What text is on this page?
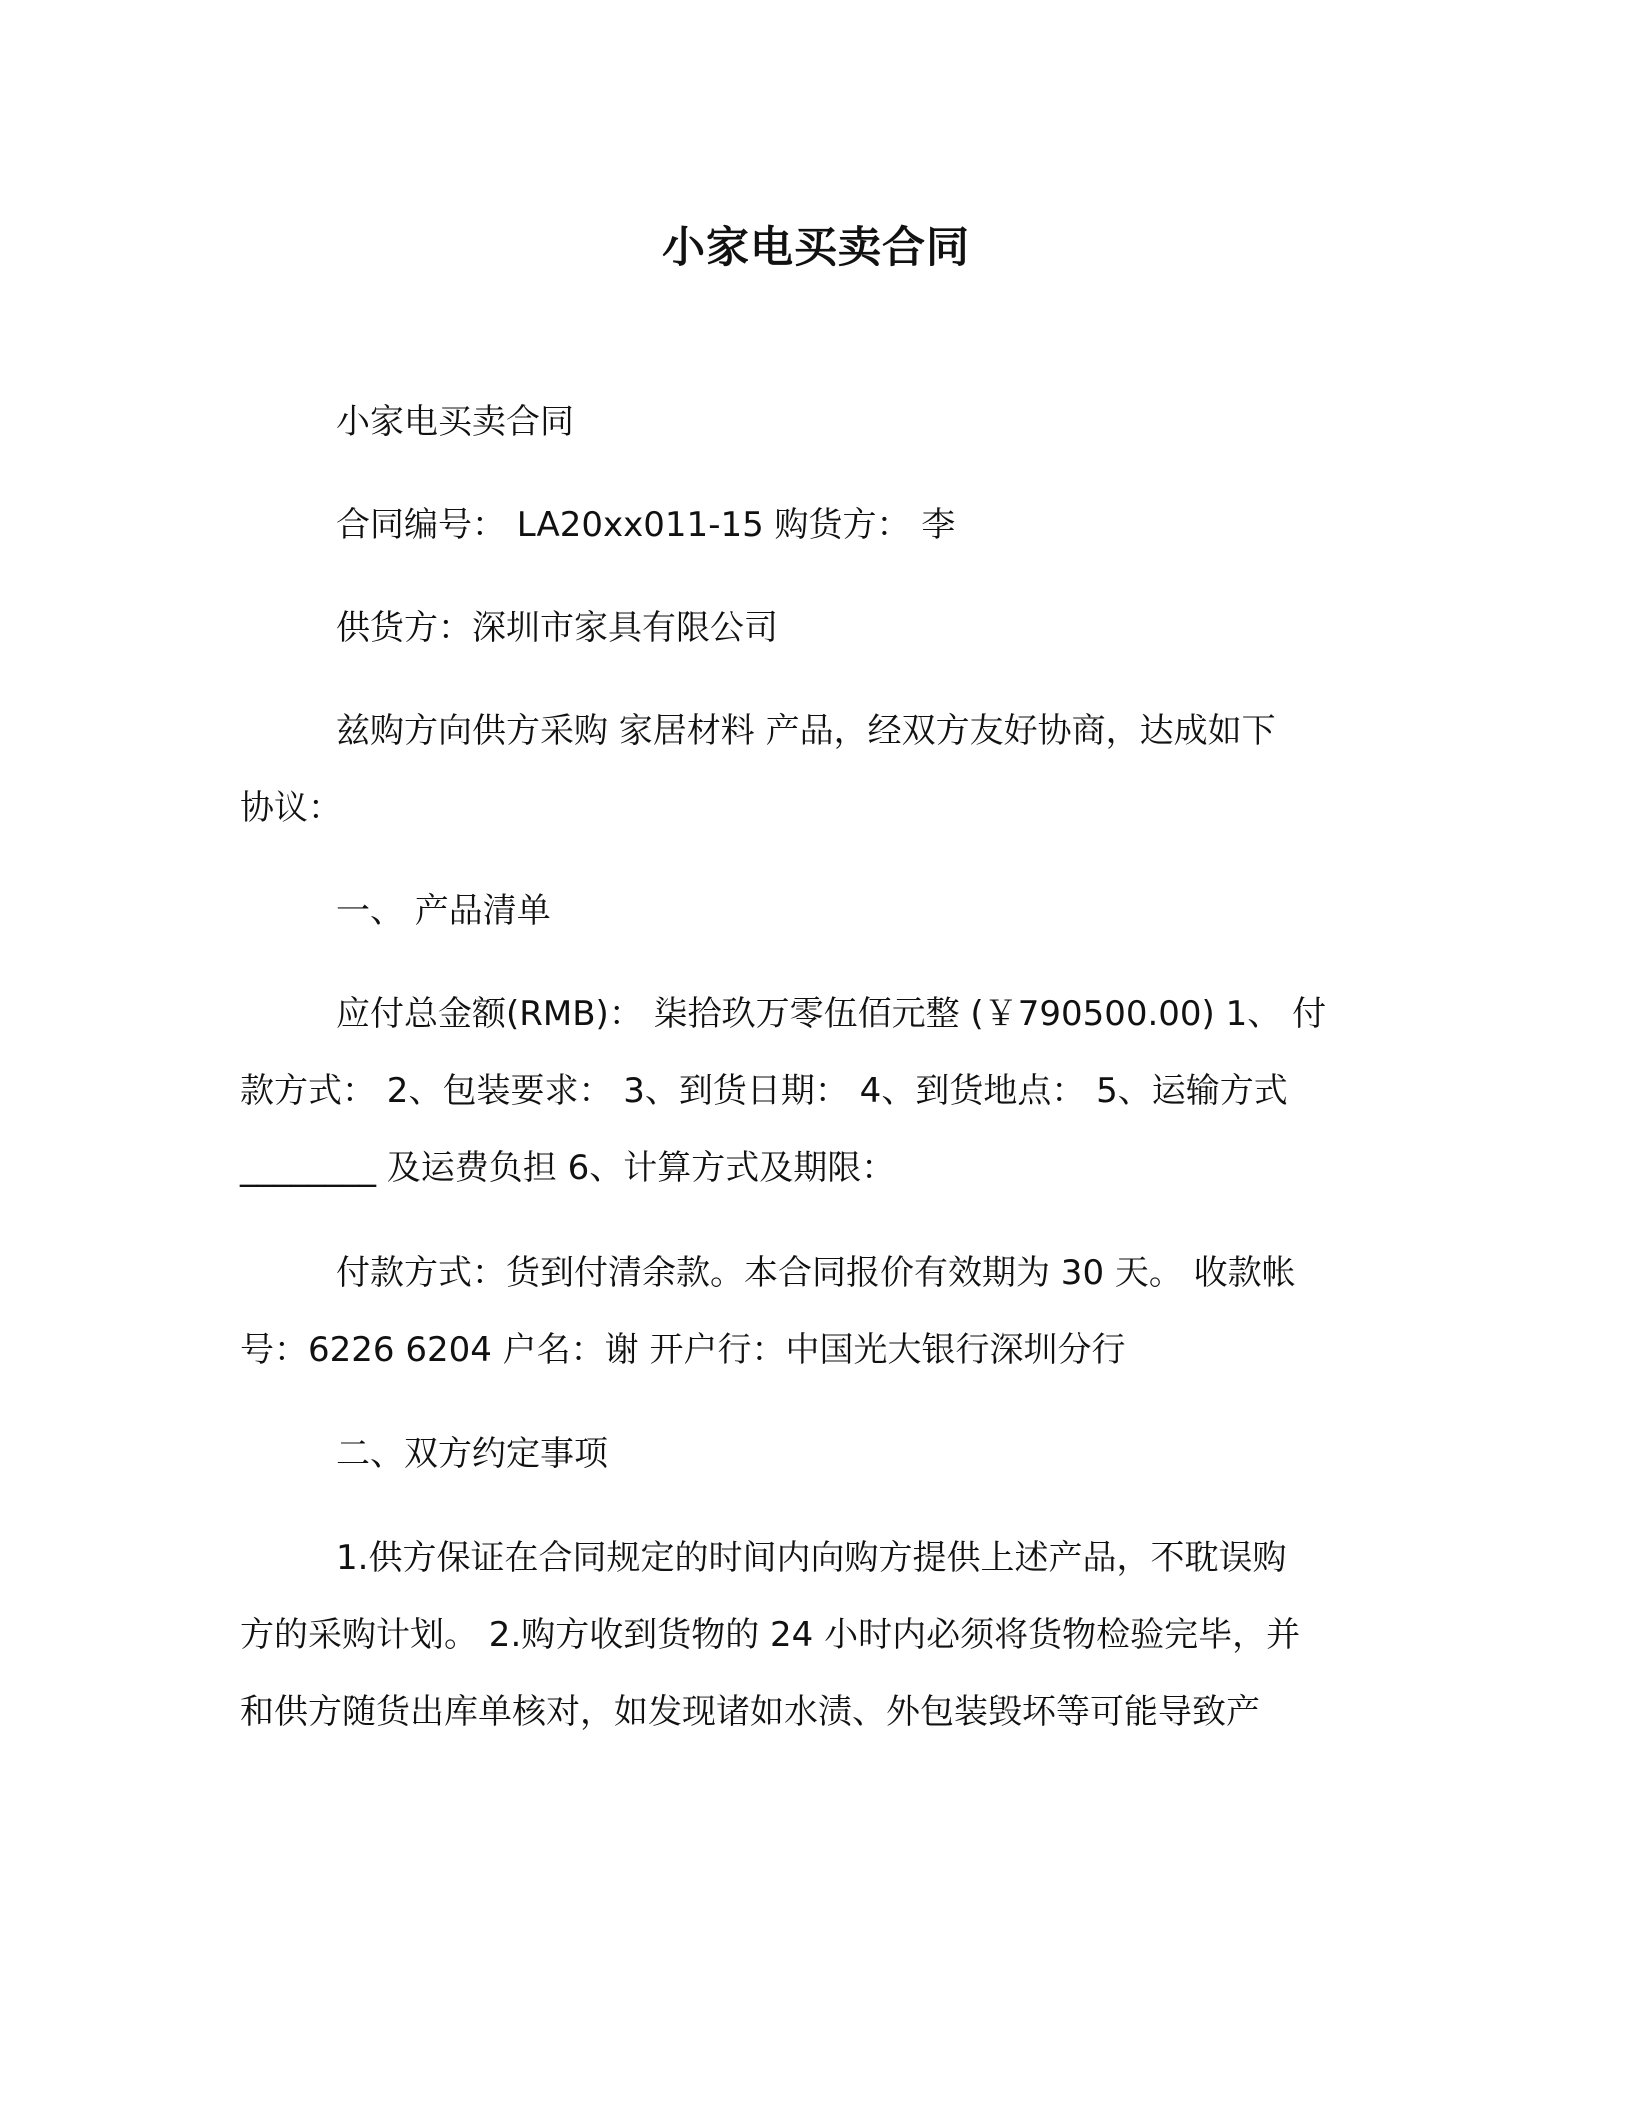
小家电买卖合同
小家电买卖合同
合同编号： LA20xx011-15 购货方： 李
供货方：深圳市家具有限公司
兹购方向供方采购 家居材料 产品，经双方友好协商，达成如下
协议：
一、 产品清单
应付总金额(RMB)： 柒拾玖万零伍佰元整 (￥790500.00) 1、 付
款方式： 2、包装要求： 3、到货日期： 4、到货地点： 5、运输方式
________ 及运费负担 6、计算方式及期限：
付款方式：货到付清余款。本合同报价有效期为 30 天。 收款帐
号：6226 6204 户名：谢 开户行：中国光大银行深圳分行
二、双方约定事项
1.供方保证在合同规定的时间内向购方提供上述产品，不耽误购
方的采购计划。 2.购方收到货物的 24 小时内必须将货物检验完毕，并
和供方随货出库单核对，如发现诸如水渍、外包装毁坏等可能导致产
